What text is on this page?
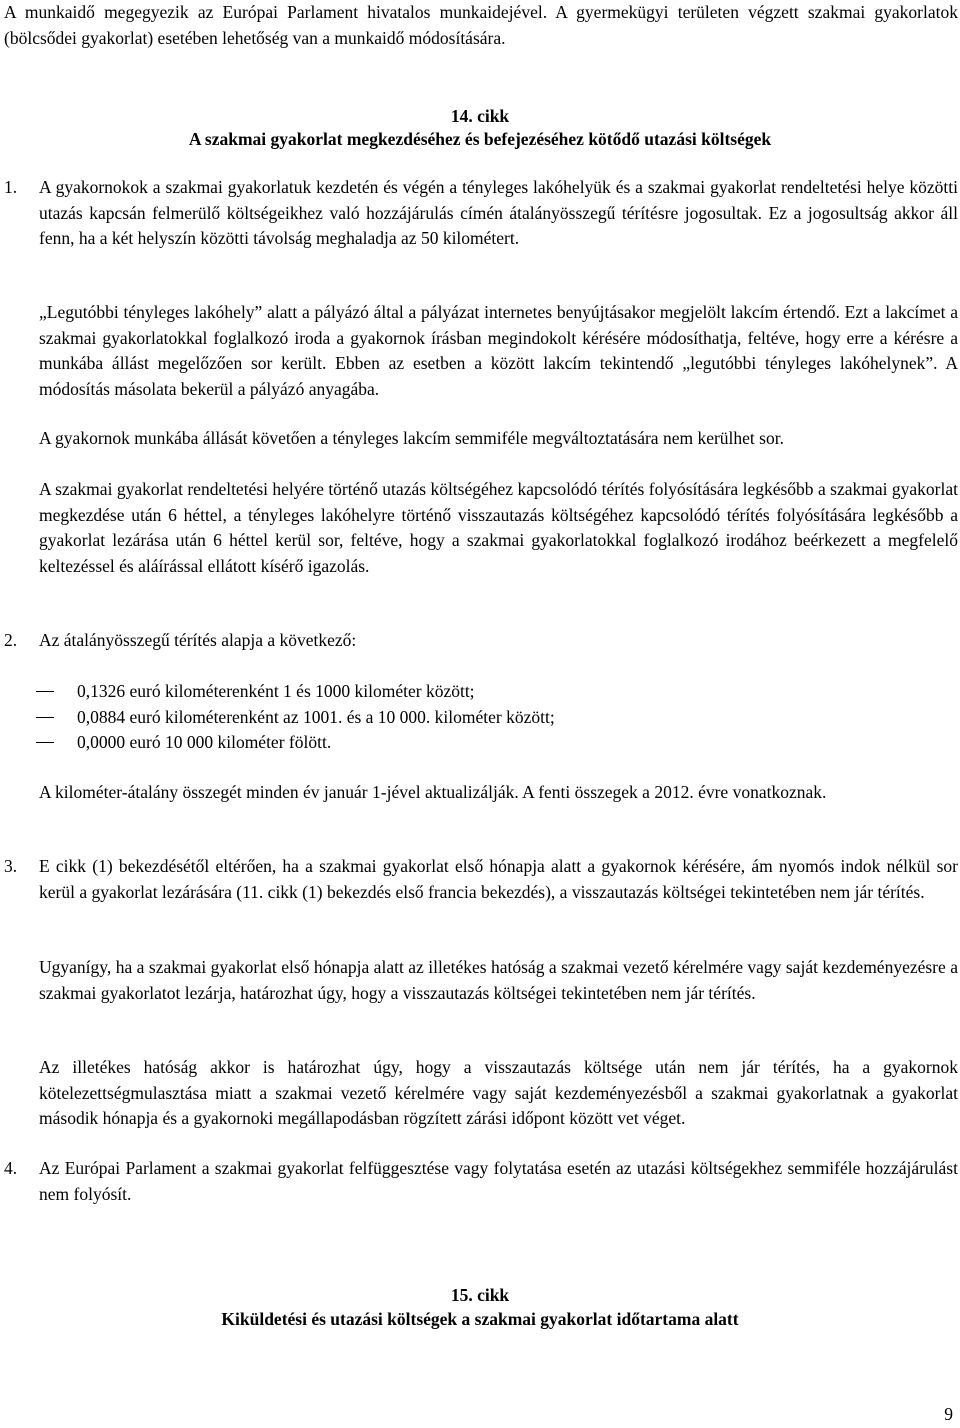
A munkaidő megegyezik az Európai Parlament hivatalos munkaidejével. A gyermekügyi területen végzett szakmai gyakorlatok (bölcsődei gyakorlat) esetében lehetőség van a munkaidő módosítására.

14. cikk
A szakmai gyakorlat megkezdéséhez és befejezéséhez kötődő utazási költségek
1. A gyakornokok a szakmai gyakorlatuk kezdetén és végén a tényleges lakóhelyük és a szakmai gyakorlat rendeltetési helye közötti utazás kapcsán felmerülő költségeikhez való hozzájárulás címén átalányösszegű térítésre jogosultak. Ez a jogosultság akkor áll fenn, ha a két helyszín közötti távolság meghaladja az 50 kilométert.

„Legutóbbi tényleges lakóhely” alatt a pályázó által a pályázat internetes benyújtásakor megjelölt lakcím értendő. Ezt a lakcímet a szakmai gyakorlatokkal foglalkozó iroda a gyakornok írásban megindokolt kérésére módosíthatja, feltéve, hogy erre a kérésre a munkába állást megelőzően sor került. Ebben az esetben a között lakcím tekintendő „legutóbbi tényleges lakóhelynek”. A módosítás másolata bekerül a pályázó anyagába.

A gyakornok munkába állását követően a tényleges lakcím semmiféle megváltoztatására nem kerülhet sor.

A szakmai gyakorlat rendeltetési helyére történő utazás költségéhez kapcsolódó térítés folyósítására legkésőbb a szakmai gyakorlat megkezdése után 6 héttel, a tényleges lakóhelyre történő visszautazás költségéhez kapcsolódó térítés folyósítására legkésőbb a gyakorlat lezárása után 6 héttel kerül sor, feltéve, hogy a szakmai gyakorlatokkal foglalkozó irodához beérkezett a megfelelő keltezéssel és aláírással ellátott kísérő igazolás.

2. Az átalányösszegű térítés alapja a következő:

0,1326 euró kilométerenként 1 és 1000 kilométer között;
0,0884 euró kilométerenként az 1001. és a 10 000. kilométer között;
0,0000 euró 10 000 kilométer fölött.

A kilométer-átalány összegét minden év január 1-jével aktualizálják. A fenti összegek a 2012. évre vonatkoznak.

3. E cikk (1) bekezdésétől eltérően, ha a szakmai gyakorlat első hónapja alatt a gyakornok kérésére, ám nyomós indok nélkül sor kerül a gyakorlat lezárására (11. cikk (1) bekezdés első francia bekezdés), a visszautazás költségei tekintetében nem jár térítés.

Ugyanígy, ha a szakmai gyakorlat első hónapja alatt az illetékes hatóság a szakmai vezető kérelmére vagy saját kezdeményezésre a szakmai gyakorlatot lezárja, határozhat úgy, hogy a visszautazás költségei tekintetében nem jár térítés.

Az illetékes hatóság akkor is határozhat úgy, hogy a visszautazás költsége után nem jár térítés, ha a gyakornok kötelezettségmulasztása miatt a szakmai vezető kérelmére vagy saját kezdeményezésből a szakmai gyakorlatnak a gyakorlat második hónapja és a gyakornoki megállapodásban rögzített zárási időpont között vet véget.

4. Az Európai Parlament a szakmai gyakorlat felfüggesztése vagy folytatása esetén az utazási költségekhez semmiféle hozzájárulást nem folyósít.

15. cikk
Kiküldetési és utazási költségek a szakmai gyakorlat időtartama alatt
9
